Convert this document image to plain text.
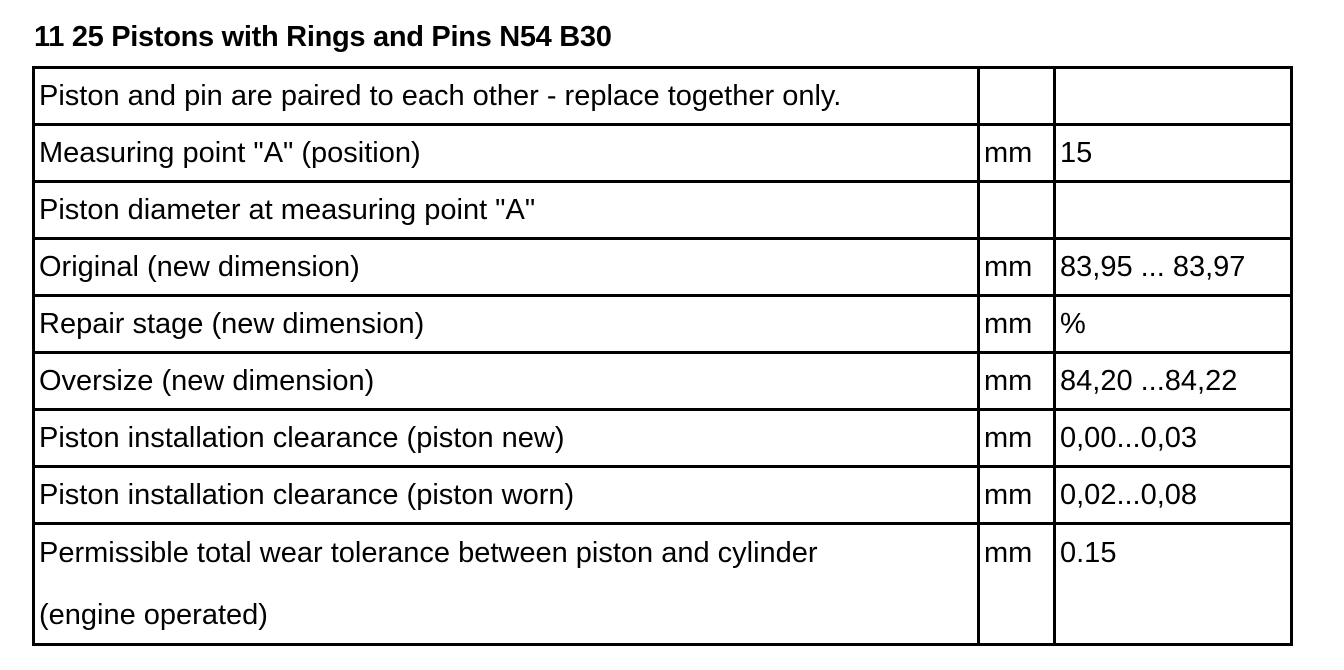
11 25 Pistons with Rings and Pins N54 B30
Piston and pin are paired to each other - replace together only.		
Measuring point "A" (position)	mm	15
Piston diameter at measuring point "A"		
Original (new dimension)	mm	83,95 ... 83,97
Repair stage (new dimension)	mm	%
Oversize (new dimension)	mm	84,20 ...84,22
Piston installation clearance (piston new)	mm	0,00...0,03
Piston installation clearance (piston worn)	mm	0,02...0,08
Permissible total wear tolerance between piston and cylinder
(engine operated)	mm	0.15
